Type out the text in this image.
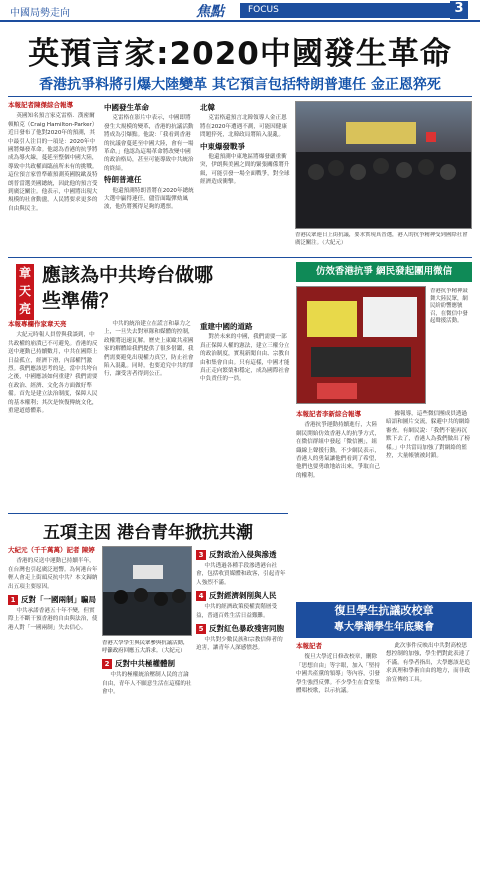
中國局勢走向	焦點	FOCUS	3
英預言家:2020中國發生革命
香港抗爭料將引爆大陸變革 其它預言包括特朗普連任 金正恩猝死
本報記者陳傑綜合報導
英國知名預言家克雷格．漢密爾頓帕克（Craig Hamilton-Parker）近日發布了他對2020年的預測，其中最引人注目的一項是：2020年中國將爆發革命。他認為香港的抗爭將成為導火線，蔓延至整個中國大陸，導致中共政權面臨前所未有的挑戰。這位預言家曾準確預測英國脫歐及特朗普當選美國總統，因此他的預言受到廣泛關注。他表示，中國將出現大規模的社會動盪，人民將要求更多的自由與民主。
中國發生革命
克雷格在影片中表示，中國即將發生大規模的變革，香港的抗議活動將成為引爆點。他說：「我看到香港的抗議會蔓延至中國大陸，會有一場革命。」他認為這場革命將改變中國的政治格局，甚至可能導致中共統治的終結。
特朗普連任
他還預測特朗普將在2020年總統大選中贏得連任，儘管面臨彈劾風波，他仍將獲得足夠的選票。
北韓
克雷格還預言北韓領導人金正恩將在2020年遭遇不測，可能因健康問題猝死，北韓政局將陷入混亂。
中東爆發戰爭
他還預測中東地區將爆發嚴重衝突，伊朗與美國之間的緊張關係將升級，可能引發一場全面戰爭，對全球經濟造成衝擊。
香港民眾連日上街抗議，要求實現真普選，港人的抗爭精神受到國際社會廣泛關注。（大紀元）
章
天
亮
應該為中共垮台做哪些準備？
本報專欄作家章天亮
大紀元時報人員曾與我談到，中共政權的崩潰已不可避免。香港的反送中運動已持續數月，中共在國際上日益孤立，經濟下滑，內部權鬥激烈。我們應該思考的是，當中共垮台之後，中國應該如何重建？我們需要在政治、經濟、文化各方面做好準備。首先是建立法治制度，保障人民的基本權利；其次是恢復傳統文化，重建道德體系。
中共的統治建立在謊言和暴力之上，一旦失去對軍隊和媒體的控制，政權將迅速瓦解。歷史上東歐共產國家的解體給我們提供了很多借鑑，我們需要避免出現權力真空，防止社會陷入混亂。同時，也要追究中共的罪行，讓受害者得到公正。
重建中國的道路
對於未來的中國，我們需要一部真正保障人權的憲法，建立三權分立的政治制度，實現新聞自由、宗教自由和集會自由。只有這樣，中國才能真正走向繁榮和穩定，成為國際社會中負責任的一員。
仿效香港抗爭 網民發起團用微信
香港抗爭精神鼓舞大陸民眾，網民紛紛響應號召，在微信中發起聲援活動。
本報記者李新綜合報導
香港抗爭運動持續進行，大陸網民開始仿效香港人的抗爭方式，在微信群組中發起「微信團」，組織線上聲援行動。不少網民表示，香港人的勇氣讓他們看到了希望，他們也要勇敢地站出來，爭取自己的權利。
據報導，這些微信團成員透過暗語和圖片交流，躲避中共的網絡審查。有網民說：「我們不能再沉默下去了，香港人為我們做出了榜樣。」中共當局加強了對網絡的監控，大量帳號被封鎖。
五項主因 港台青年掀抗共潮
大紀元（千千萬萬）記者 陳婷
香港的反送中運動已持續半年，在台灣也引起廣泛迴響。為何港台年輕人會走上街頭反抗中共？本文歸納出五項主要原因。
1 反對「一國兩制」騙局
中共承諾香港五十年不變，但實際上不斷干預香港的自由與法治，使港人對「一國兩制」失去信心。
香港大學學生與民眾參與抗議活動，呼籲政府回應五大訴求。（大紀元）
2 反對中共極權體制
中共的極權統治壓制人民的言論自由，青年人不願意生活在這樣的社會中。
3 反對政治入侵與滲透
中共透過各種手段滲透港台社會，包括收買媒體和政客，引起青年人強烈不滿。
4 反對經濟剝削與人民
中共的經濟政策使權貴階層受益，普通百姓生活日益艱難。
5 反對紅色暴政殘害同胞
中共對少數民族和宗教信仰者的迫害，讓青年人深感憤怒。
復旦學生抗議改校章
專大學潮學生年底聚會
本報記者
復旦大學近日修改校章，刪除「思想自由」等字眼，加入「堅持中國共產黨的領導」等內容，引發學生強烈反彈。不少學生在食堂集體唱校歌，以示抗議。
此次事件反映出中共對高校思想控制的加強，學生們對此表達了不滿。有學者指出，大學應該是追求真理和學術自由的地方，而非政治宣傳的工具。
